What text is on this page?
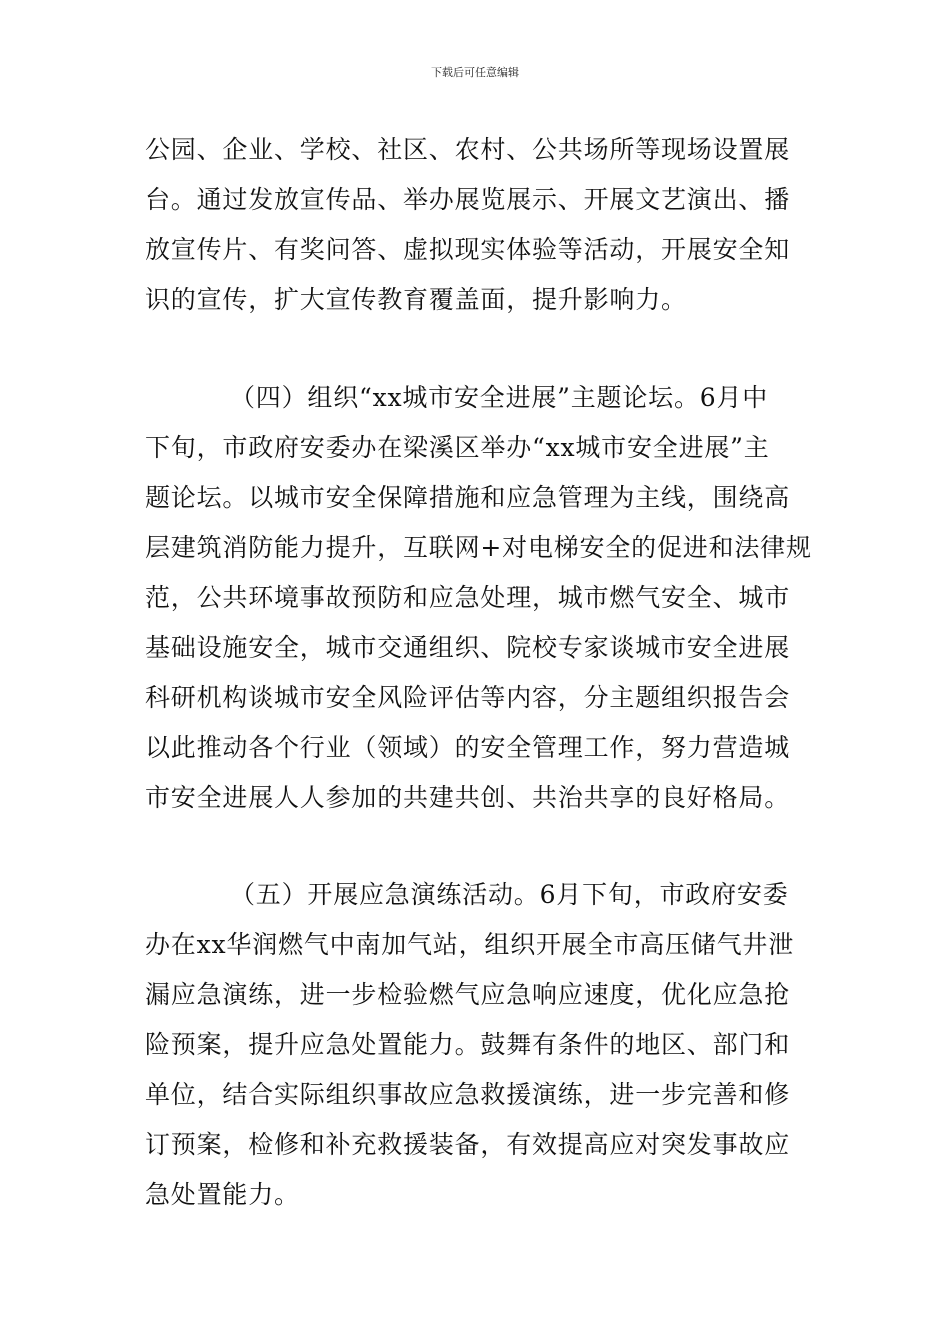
下载后可任意编辑
公园、企业、学校、社区、农村、公共场所等现场设置展
台。通过发放宣传品、举办展览展示、开展文艺演出、播
放宣传片、有奖问答、虚拟现实体验等活动，开展安全知
识的宣传，扩大宣传教育覆盖面，提升影响力。
（四）组织“xx城市安全进展”主题论坛。6月中
下旬，市政府安委办在梁溪区举办“xx城市安全进展”主
题论坛。以城市安全保障措施和应急管理为主线，围绕高
层建筑消防能力提升，互联网+对电梯安全的促进和法律规
范，公共环境事故预防和应急处理，城市燃气安全、城市
基础设施安全，城市交通组织、院校专家谈城市安全进展
科研机构谈城市安全风险评估等内容，分主题组织报告会
以此推动各个行业（领域）的安全管理工作，努力营造城
市安全进展人人参加的共建共创、共治共享的良好格局。
（五）开展应急演练活动。6月下旬，市政府安委
办在xx华润燃气中南加气站，组织开展全市高压储气井泄
漏应急演练，进一步检验燃气应急响应速度，优化应急抢
险预案，提升应急处置能力。鼓舞有条件的地区、部门和
单位，结合实际组织事故应急救援演练，进一步完善和修
订预案，检修和补充救援装备，有效提高应对突发事故应
急处置能力。
